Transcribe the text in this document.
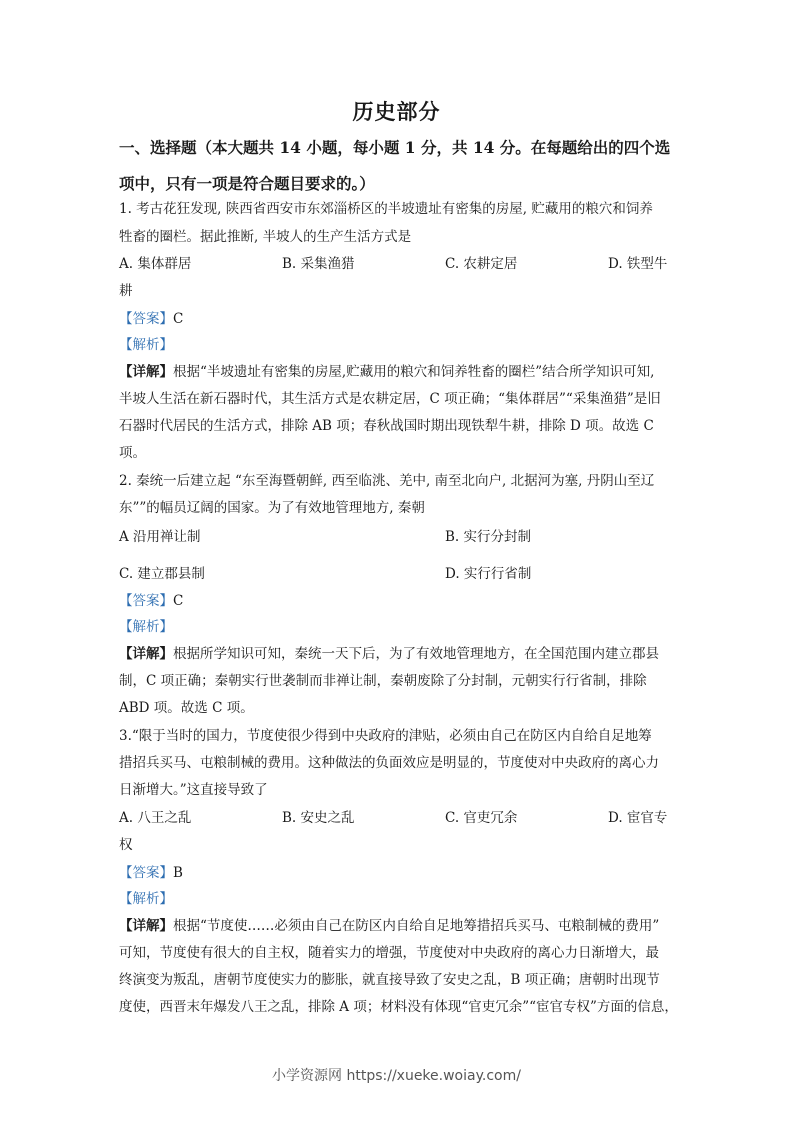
历史部分
一、选择题（本大题共 14 小题，每小题 1 分，共 14 分。在每题给出的四个选
项中，只有一项是符合题目要求的。）
1. 考古花狂发现, 陕西省西安市东郊淄桥区的半坡遗址有密集的房屋, 贮藏用的粮穴和饲养
牲畜的圈栏。据此推断, 半坡人的生产生活方式是
A. 集体群居	B. 采集渔猎	C. 农耕定居	D. 铁型牛
耕
【答案】C
【解析】
【详解】根据“半坡遗址有密集的房屋,贮藏用的粮穴和饲养牲畜的圈栏”结合所学知识可知,
半坡人生活在新石器时代，其生活方式是农耕定居，C 项正确；“集体群居”“采集渔猎”是旧
石器时代居民的生活方式，排除 AB 项；春秋战国时期出现铁犁牛耕，排除 D 项。故选 C
项。
2. 秦统一后建立起 “东至海暨朝鲜, 西至临洮、羌中, 南至北向户, 北据河为塞, 丹阴山至辽
东””的幅员辽阔的国家。为了有效地管理地方, 秦朝
A 沿用禅让制	B. 实行分封制
C. 建立郡县制	D. 实行行省制
【答案】C
【解析】
【详解】根据所学知识可知，秦统一天下后，为了有效地管理地方，在全国范围内建立郡县
制，C 项正确；秦朝实行世袭制而非禅让制，秦朝废除了分封制，元朝实行行省制，排除
ABD 项。故选 C 项。
3.“限于当时的国力，节度使很少得到中央政府的津贴，必须由自己在防区内自给自足地筹
措招兵买马、屯粮制械的费用。这种做法的负面效应是明显的，节度使对中央政府的离心力
日渐增大。”这直接导致了
A. 八王之乱	B. 安史之乱	C. 官吏冗余	D. 宦官专
权
【答案】B
【解析】
【详解】根据“节度使……必须由自己在防区内自给自足地筹措招兵买马、屯粮制械的费用”
可知，节度使有很大的自主权，随着实力的增强，节度使对中央政府的离心力日渐增大，最
终演变为叛乱，唐朝节度使实力的膨胀，就直接导致了安史之乱，B 项正确；唐朝时出现节
度使，西晋末年爆发八王之乱，排除 A 项；材料没有体现“官吏冗余”“宦官专权”方面的信息，
小学资源网 https://xueke.woiay.com/
